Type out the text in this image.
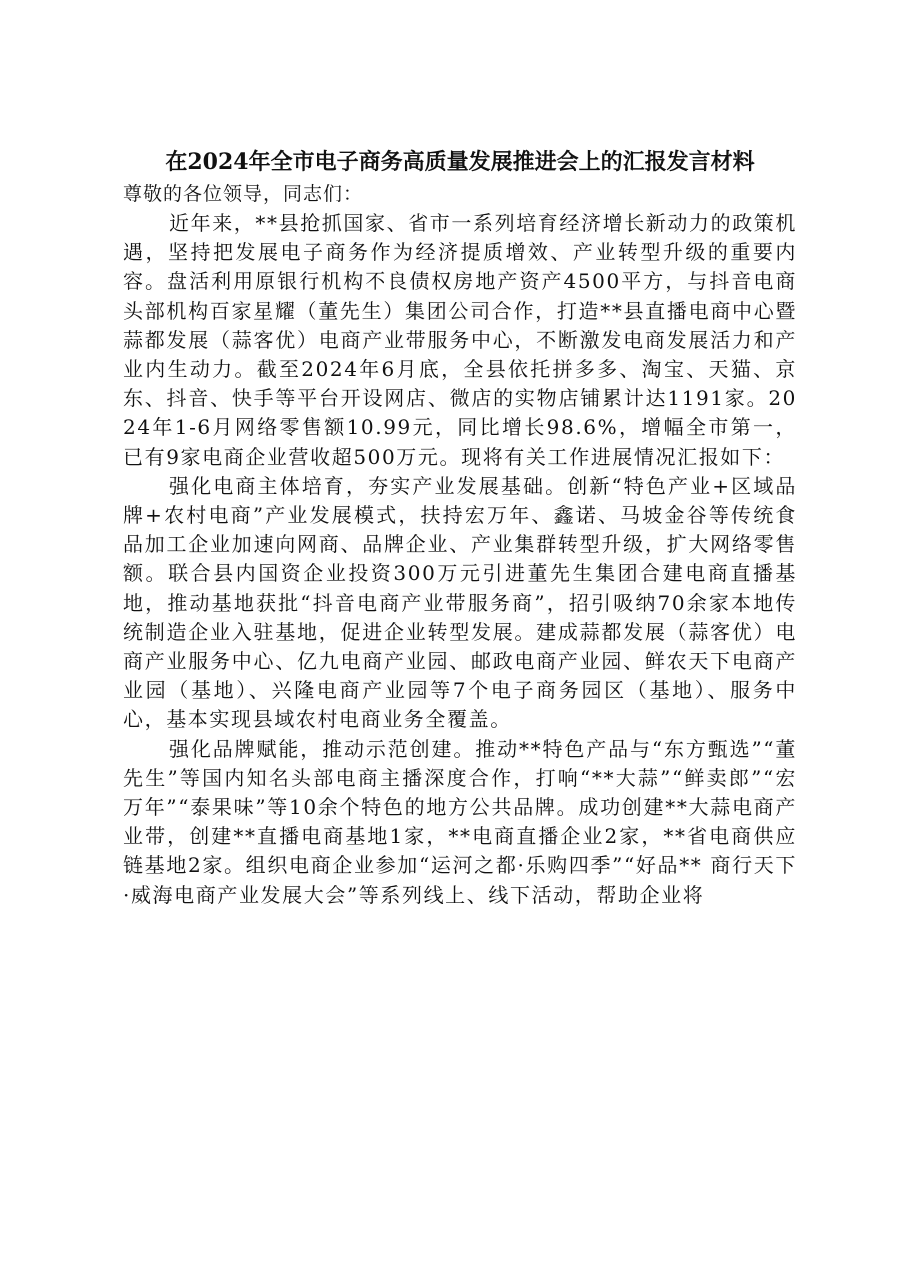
在2024年全市电子商务高质量发展推进会上的汇报发言材料

尊敬的各位领导，同志们：

近年来，**县抢抓国家、省市一系列培育经济增长新动力的政策机遇，坚持把发展电子商务作为经济提质增效、产业转型升级的重要内容。盘活利用原银行机构不良债权房地产资产4500平方，与抖音电商头部机构百家星耀（董先生）集团公司合作，打造**县直播电商中心暨蒜都发展（蒜客优）电商产业带服务中心，不断激发电商发展活力和产业内生动力。截至2024年6月底，全县依托拼多多、淘宝、天猫、京东、抖音、快手等平台开设网店、微店的实物店铺累计达1191家。2024年1-6月网络零售额10.99元，同比增长98.6%，增幅全市第一，已有9家电商企业营收超500万元。现将有关工作进展情况汇报如下：

强化电商主体培育，夯实产业发展基础。创新“特色产业+区域品牌+农村电商”产业发展模式，扶持宏万年、鑫诺、马坡金谷等传统食品加工企业加速向网商、品牌企业、产业集群转型升级，扩大网络零售额。联合县内国资企业投资300万元引进董先生集团合建电商直播基地，推动基地获批“抖音电商产业带服务商”，招引吸纳70余家本地传统制造企业入驻基地，促进企业转型发展。建成蒜都发展（蒜客优）电商产业服务中心、亿九电商产业园、邮政电商产业园、鲜农天下电商产业园（基地）、兴隆电商产业园等7个电子商务园区（基地）、服务中心，基本实现县域农村电商业务全覆盖。

强化品牌赋能，推动示范创建。推动**特色产品与“东方甄选”“董先生”等国内知名头部电商主播深度合作，打响“**大蒜”“鲜卖郎”“宏万年”“泰果味”等10余个特色的地方公共品牌。成功创建**大蒜电商产业带，创建**直播电商基地1家，**电商直播企业2家，**省电商供应链基地2家。组织电商企业参加“运河之都·乐购四季”“好品** 商行天下·威海电商产业发展大会”等系列线上、线下活动，帮助企业将
